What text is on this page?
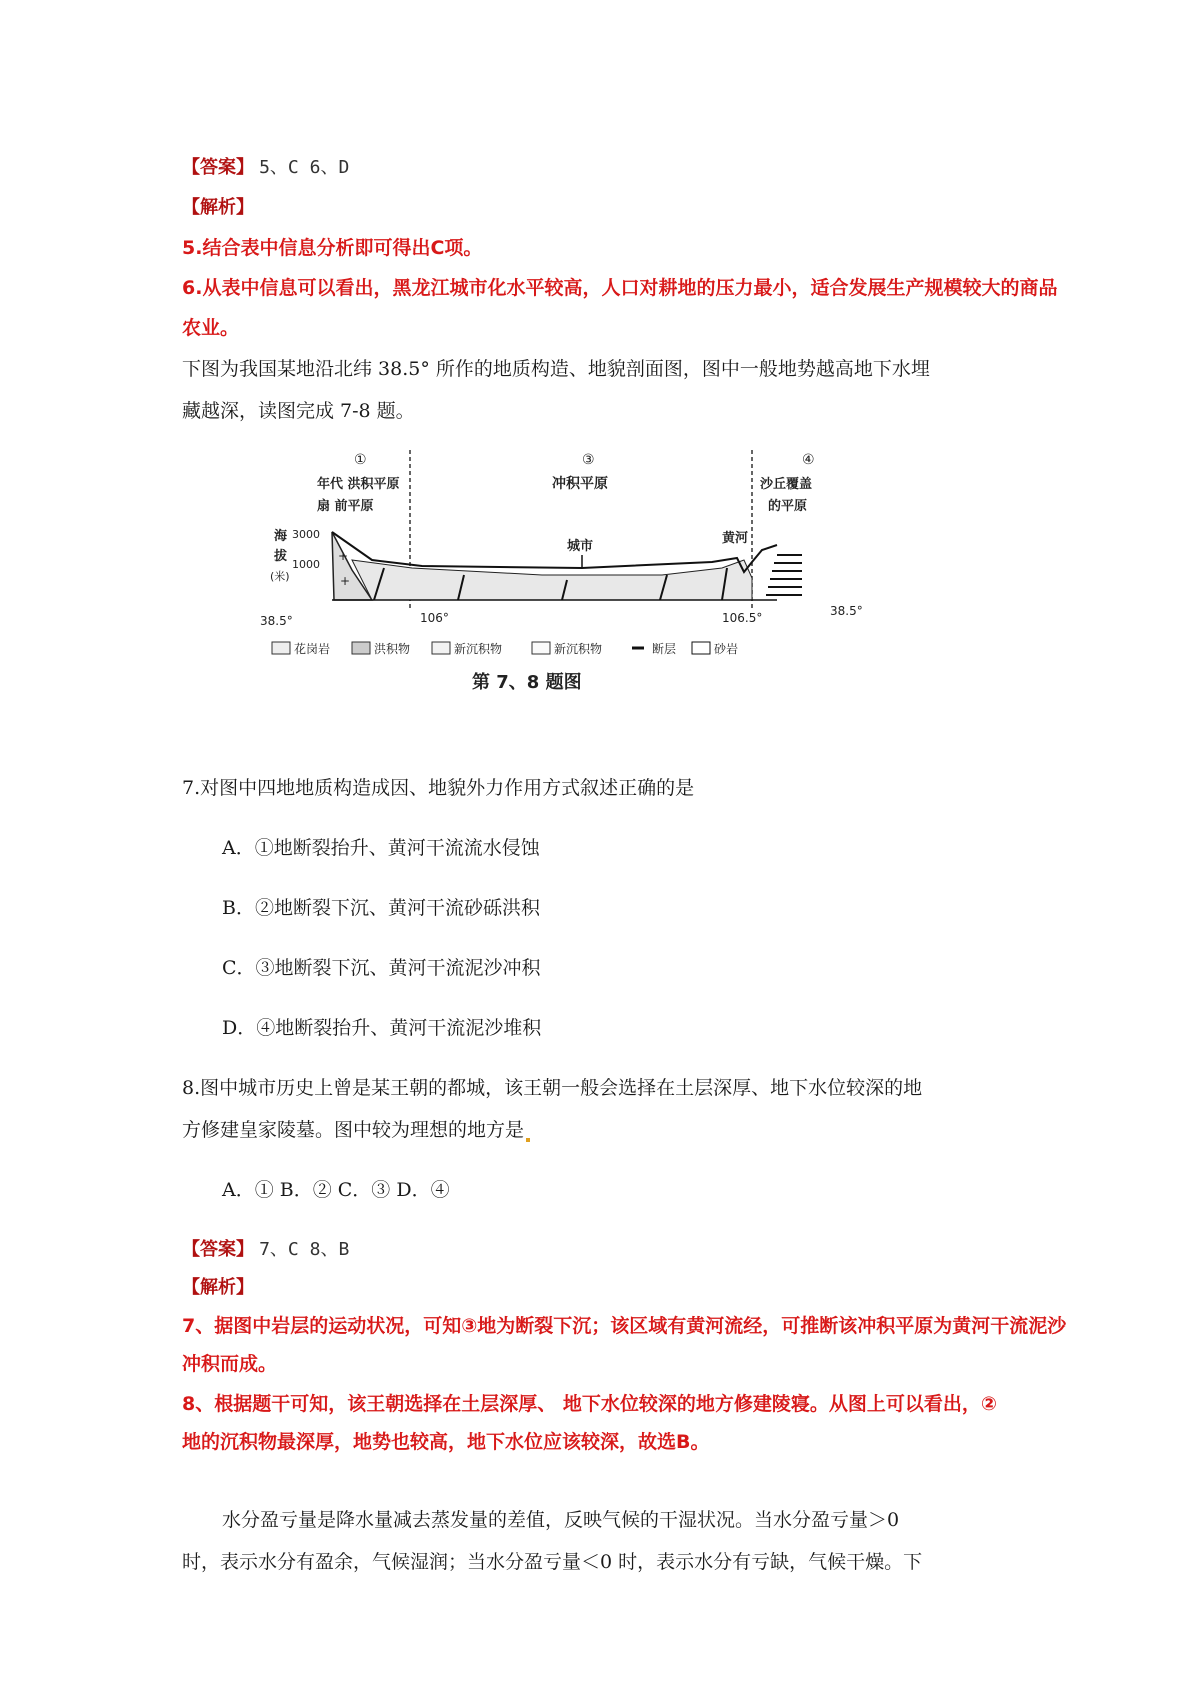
【答案】 5、C 6、D
【解析】
5.结合表中信息分析即可得出C项。
6.从表中信息可以看出，黑龙江城市化水平较高，人口对耕地的压力最小，适合发展生产规模较大的商品
农业。
下图为我国某地沿北纬 38.5° 所作的地质构造、地貌剖面图，图中一般地势越高地下水埋
藏越深，读图完成 7-8 题。
①
年代 洪积平原
扇 前平原
③
冲积平原
④
沙丘覆盖
的平原
海
拔
(米)
3000
1000
38.5°
38.5°
+
+
城市
黄河
106°	106.5°
花岗岩	洪积物	新沉积物	新沉积物	断层	砂岩
第 7、8 题图
7.对图中四地地质构造成因、地貌外力作用方式叙述正确的是
A．①地断裂抬升、黄河干流流水侵蚀
B．②地断裂下沉、黄河干流砂砾洪积
C．③地断裂下沉、黄河干流泥沙冲积
D．④地断裂抬升、黄河干流泥沙堆积
8.图中城市历史上曾是某王朝的都城，该王朝一般会选择在土层深厚、地下水位较深的地
方修建皇家陵墓。图中较为理想的地方是
A．① B．② C．③ D．④
【答案】 7、C 8、B
【解析】
7、据图中岩层的运动状况，可知③地为断裂下沉；该区域有黄河流经，可推断该冲积平原为黄河干流泥沙
冲积而成。
8、根据题干可知，该王朝选择在土层深厚、 地下水位较深的地方修建陵寝。从图上可以看出，②
地的沉积物最深厚，地势也较高，地下水位应该较深，故选B。
水分盈亏量是降水量减去蒸发量的差值，反映气候的干湿状况。当水分盈亏量＞0
时，表示水分有盈余，气候湿润；当水分盈亏量＜0 时，表示水分有亏缺，气候干燥。下
